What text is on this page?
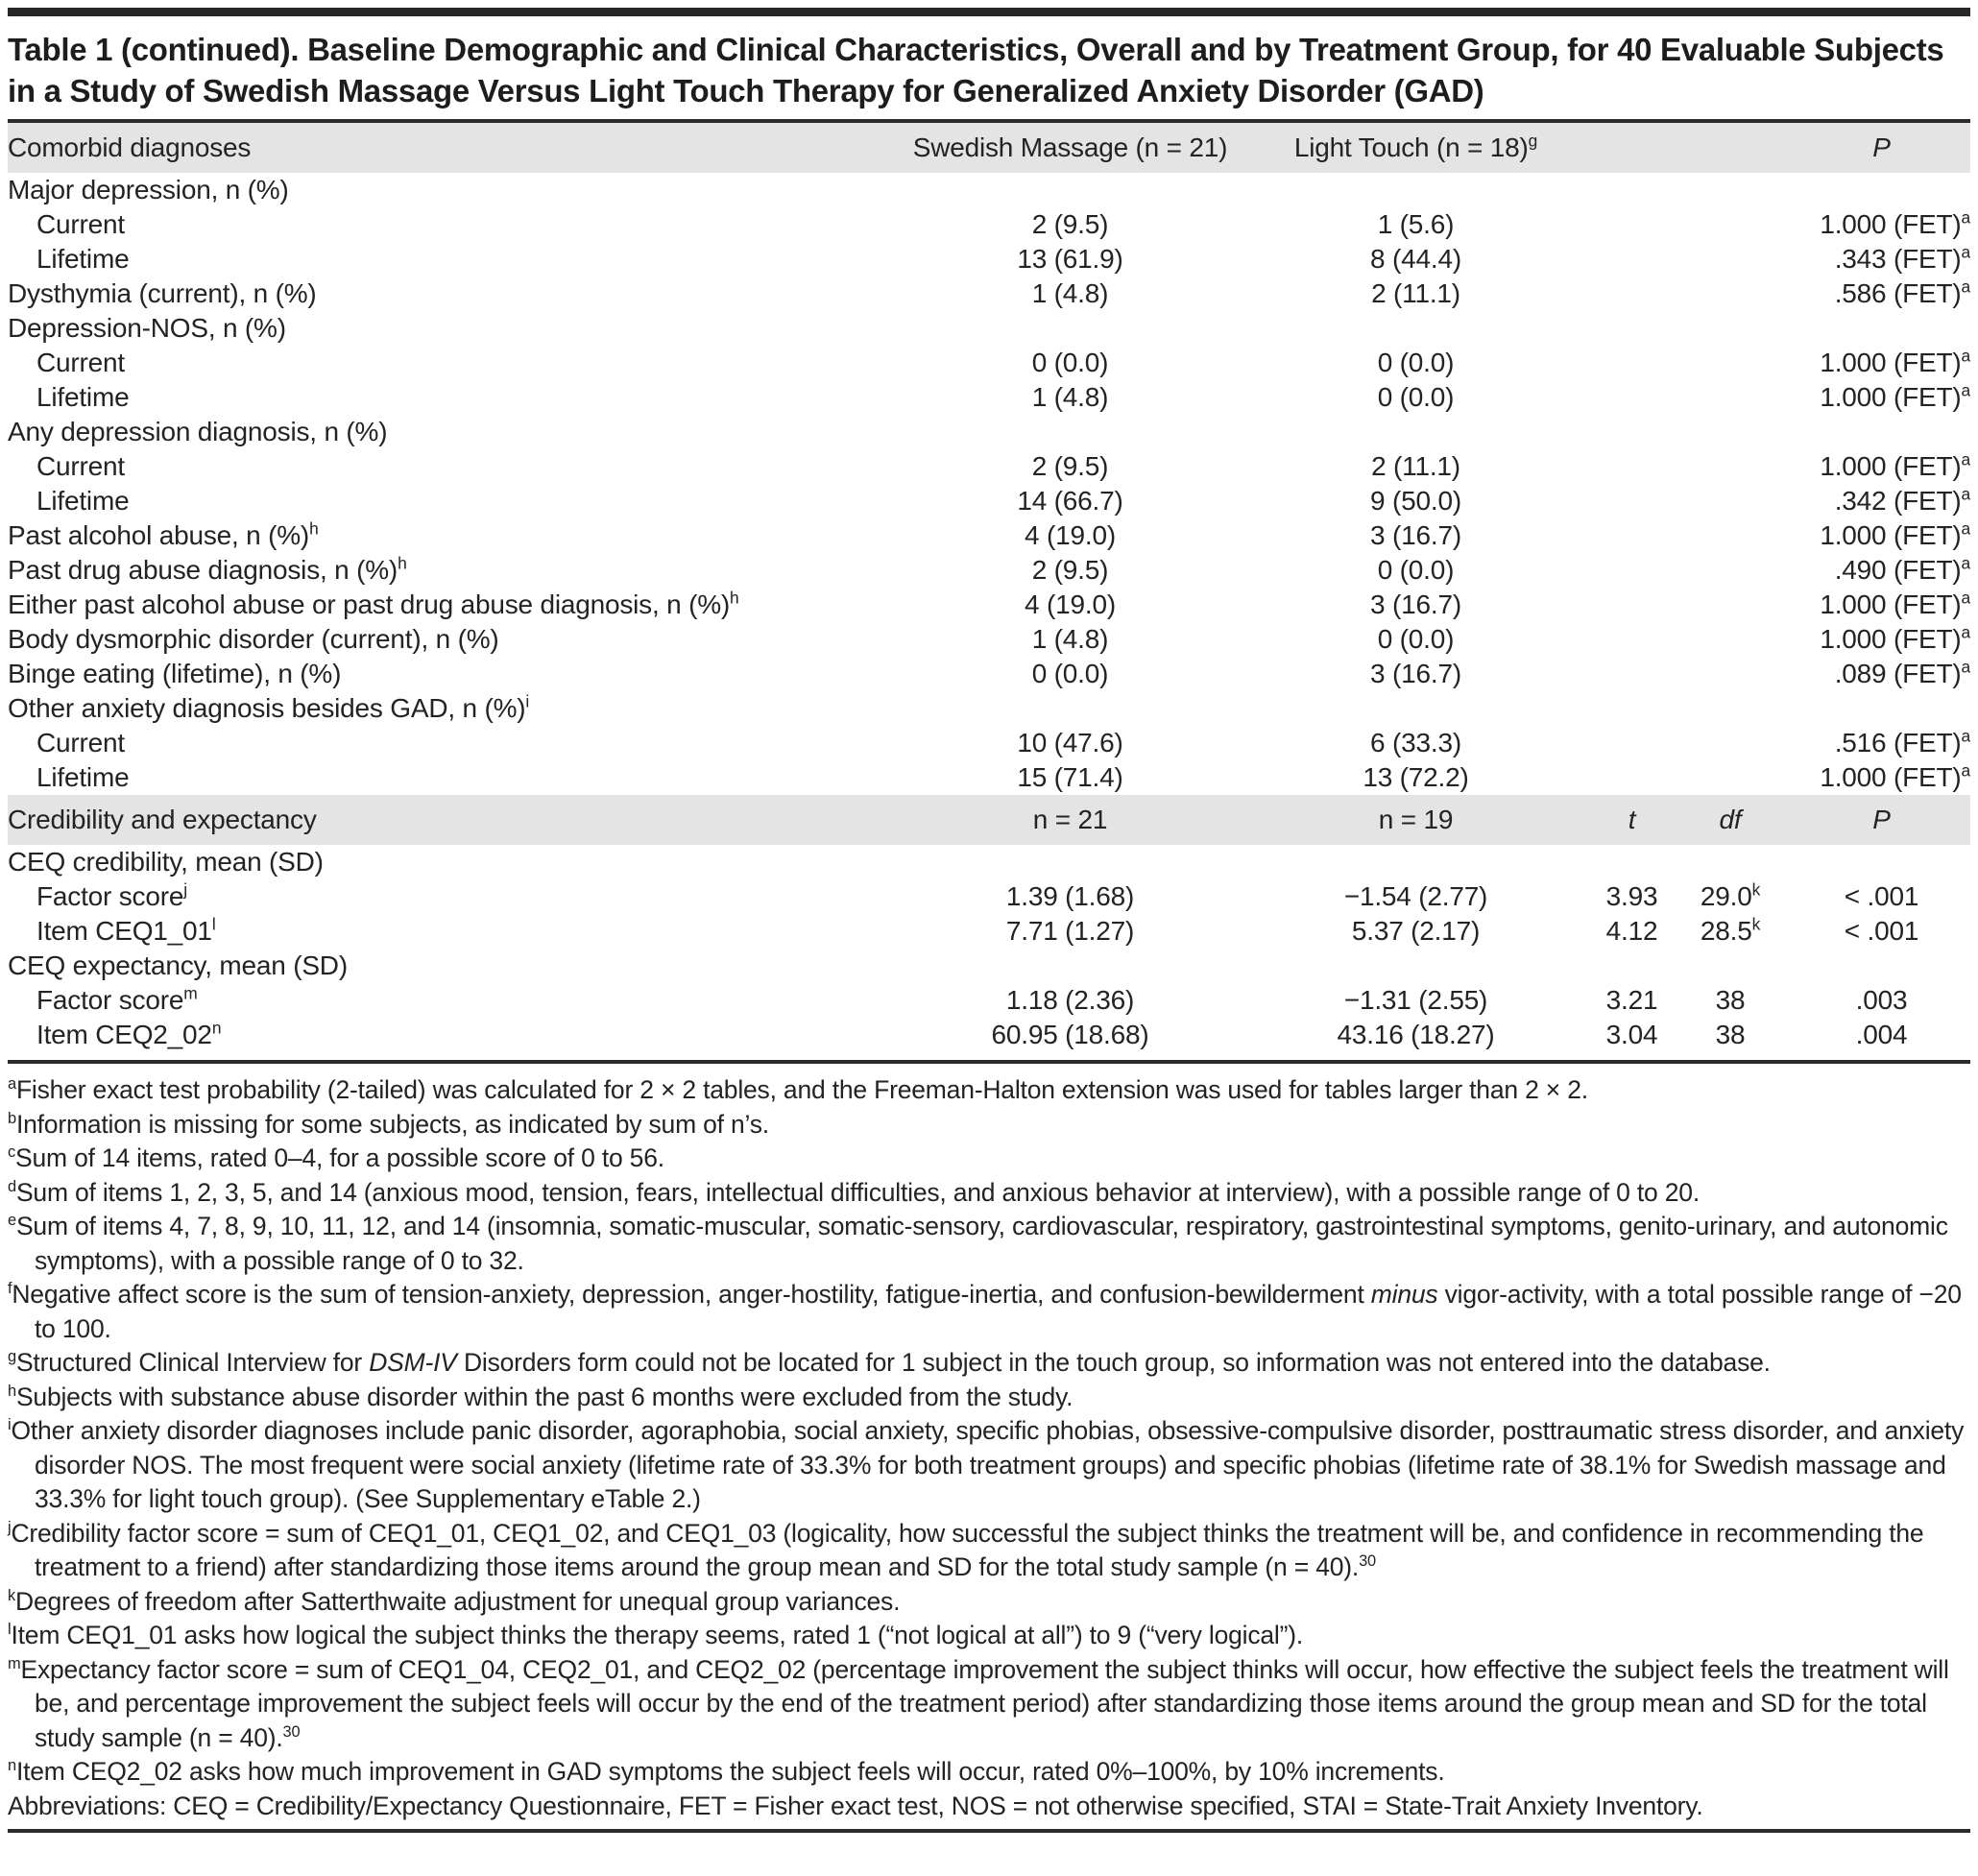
Table 1 (continued). Baseline Demographic and Clinical Characteristics, Overall and by Treatment Group, for 40 Evaluable Subjects in a Study of Swedish Massage Versus Light Touch Therapy for Generalized Anxiety Disorder (GAD)
Comorbid diagnoses	Swedish Massage (n = 21)	Light Touch (n = 18)$^g$	P
Major depression, n (%)
Current	2 (9.5)	1 (5.6)	1.000 (FET)$^a$
Lifetime	13 (61.9)	8 (44.4)	.343 (FET)$^a$
Dysthymia (current), n (%)	1 (4.8)	2 (11.1)	.586 (FET)$^a$
Depression-NOS, n (%)
Current	0 (0.0)	0 (0.0)	1.000 (FET)$^a$
Lifetime	1 (4.8)	0 (0.0)	1.000 (FET)$^a$
Any depression diagnosis, n (%)
Current	2 (9.5)	2 (11.1)	1.000 (FET)$^a$
Lifetime	14 (66.7)	9 (50.0)	.342 (FET)$^a$
Past alcohol abuse, n (%)$^h$	4 (19.0)	3 (16.7)	1.000 (FET)$^a$
Past drug abuse diagnosis, n (%)$^h$	2 (9.5)	0 (0.0)	.490 (FET)$^a$
Either past alcohol abuse or past drug abuse diagnosis, n (%)$^h$	4 (19.0)	3 (16.7)	1.000 (FET)$^a$
Body dysmorphic disorder (current), n (%)	1 (4.8)	0 (0.0)	1.000 (FET)$^a$
Binge eating (lifetime), n (%)	0 (0.0)	3 (16.7)	.089 (FET)$^a$
Other anxiety diagnosis besides GAD, n (%)$^i$
Current	10 (47.6)	6 (33.3)	.516 (FET)$^a$
Lifetime	15 (71.4)	13 (72.2)	1.000 (FET)$^a$
Credibility and expectancy	n = 21	n = 19	t	df	P
CEQ credibility, mean (SD)
Factor score$^j$	1.39 (1.68)	−1.54 (2.77)	3.93	$29.0^k$	< .001
Item CEQ1_01$^l$	7.71 (1.27)	5.37 (2.17)	4.12	$28.5^k$	< .001
CEQ expectancy, mean (SD)
Factor score$^m$	1.18 (2.36)	−1.31 (2.55)	3.21	38	.003
Item CEQ2_02$^n$	60.95 (18.68)	43.16 (18.27)	3.04	38	.004
$^a$Fisher exact test probability (2-tailed) was calculated for 2 × 2 tables, and the Freeman-Halton extension was used for tables larger than 2 × 2.
$^b$Information is missing for some subjects, as indicated by sum of n’s.
$^c$Sum of 14 items, rated 0–4, for a possible score of 0 to 56.
$^d$Sum of items 1, 2, 3, 5, and 14 (anxious mood, tension, fears, intellectual difficulties, and anxious behavior at interview), with a possible range of 0 to 20.
$^e$Sum of items 4, 7, 8, 9, 10, 11, 12, and 14 (insomnia, somatic-muscular, somatic-sensory, cardiovascular, respiratory, gastrointestinal symptoms, genito-urinary, and autonomic symptoms), with a possible range of 0 to 32.
$^f$Negative affect score is the sum of tension-anxiety, depression, anger-hostility, fatigue-inertia, and confusion-bewilderment minus vigor-activity, with a total possible range of −20 to 100.
$^g$Structured Clinical Interview for DSM-IV Disorders form could not be located for 1 subject in the touch group, so information was not entered into the database.
$^h$Subjects with substance abuse disorder within the past 6 months were excluded from the study.
$^i$Other anxiety disorder diagnoses include panic disorder, agoraphobia, social anxiety, specific phobias, obsessive-compulsive disorder, posttraumatic stress disorder, and anxiety disorder NOS. The most frequent were social anxiety (lifetime rate of 33.3% for both treatment groups) and specific phobias (lifetime rate of 38.1% for Swedish massage and 33.3% for light touch group). (See Supplementary eTable 2.)
$^j$Credibility factor score = sum of CEQ1_01, CEQ1_02, and CEQ1_03 (logicality, how successful the subject thinks the treatment will be, and confidence in recommending the treatment to a friend) after standardizing those items around the group mean and SD for the total study sample (n = 40).$^{30}$
$^k$Degrees of freedom after Satterthwaite adjustment for unequal group variances.
$^l$Item CEQ1_01 asks how logical the subject thinks the therapy seems, rated 1 (“not logical at all”) to 9 (“very logical”).
$^m$Expectancy factor score = sum of CEQ1_04, CEQ2_01, and CEQ2_02 (percentage improvement the subject thinks will occur, how effective the subject feels the treatment will be, and percentage improvement the subject feels will occur by the end of the treatment period) after standardizing those items around the group mean and SD for the total study sample (n = 40).$^{30}$
$^n$Item CEQ2_02 asks how much improvement in GAD symptoms the subject feels will occur, rated 0%–100%, by 10% increments.
Abbreviations: CEQ = Credibility/Expectancy Questionnaire, FET = Fisher exact test, NOS = not otherwise specified, STAI = State-Trait Anxiety Inventory.
